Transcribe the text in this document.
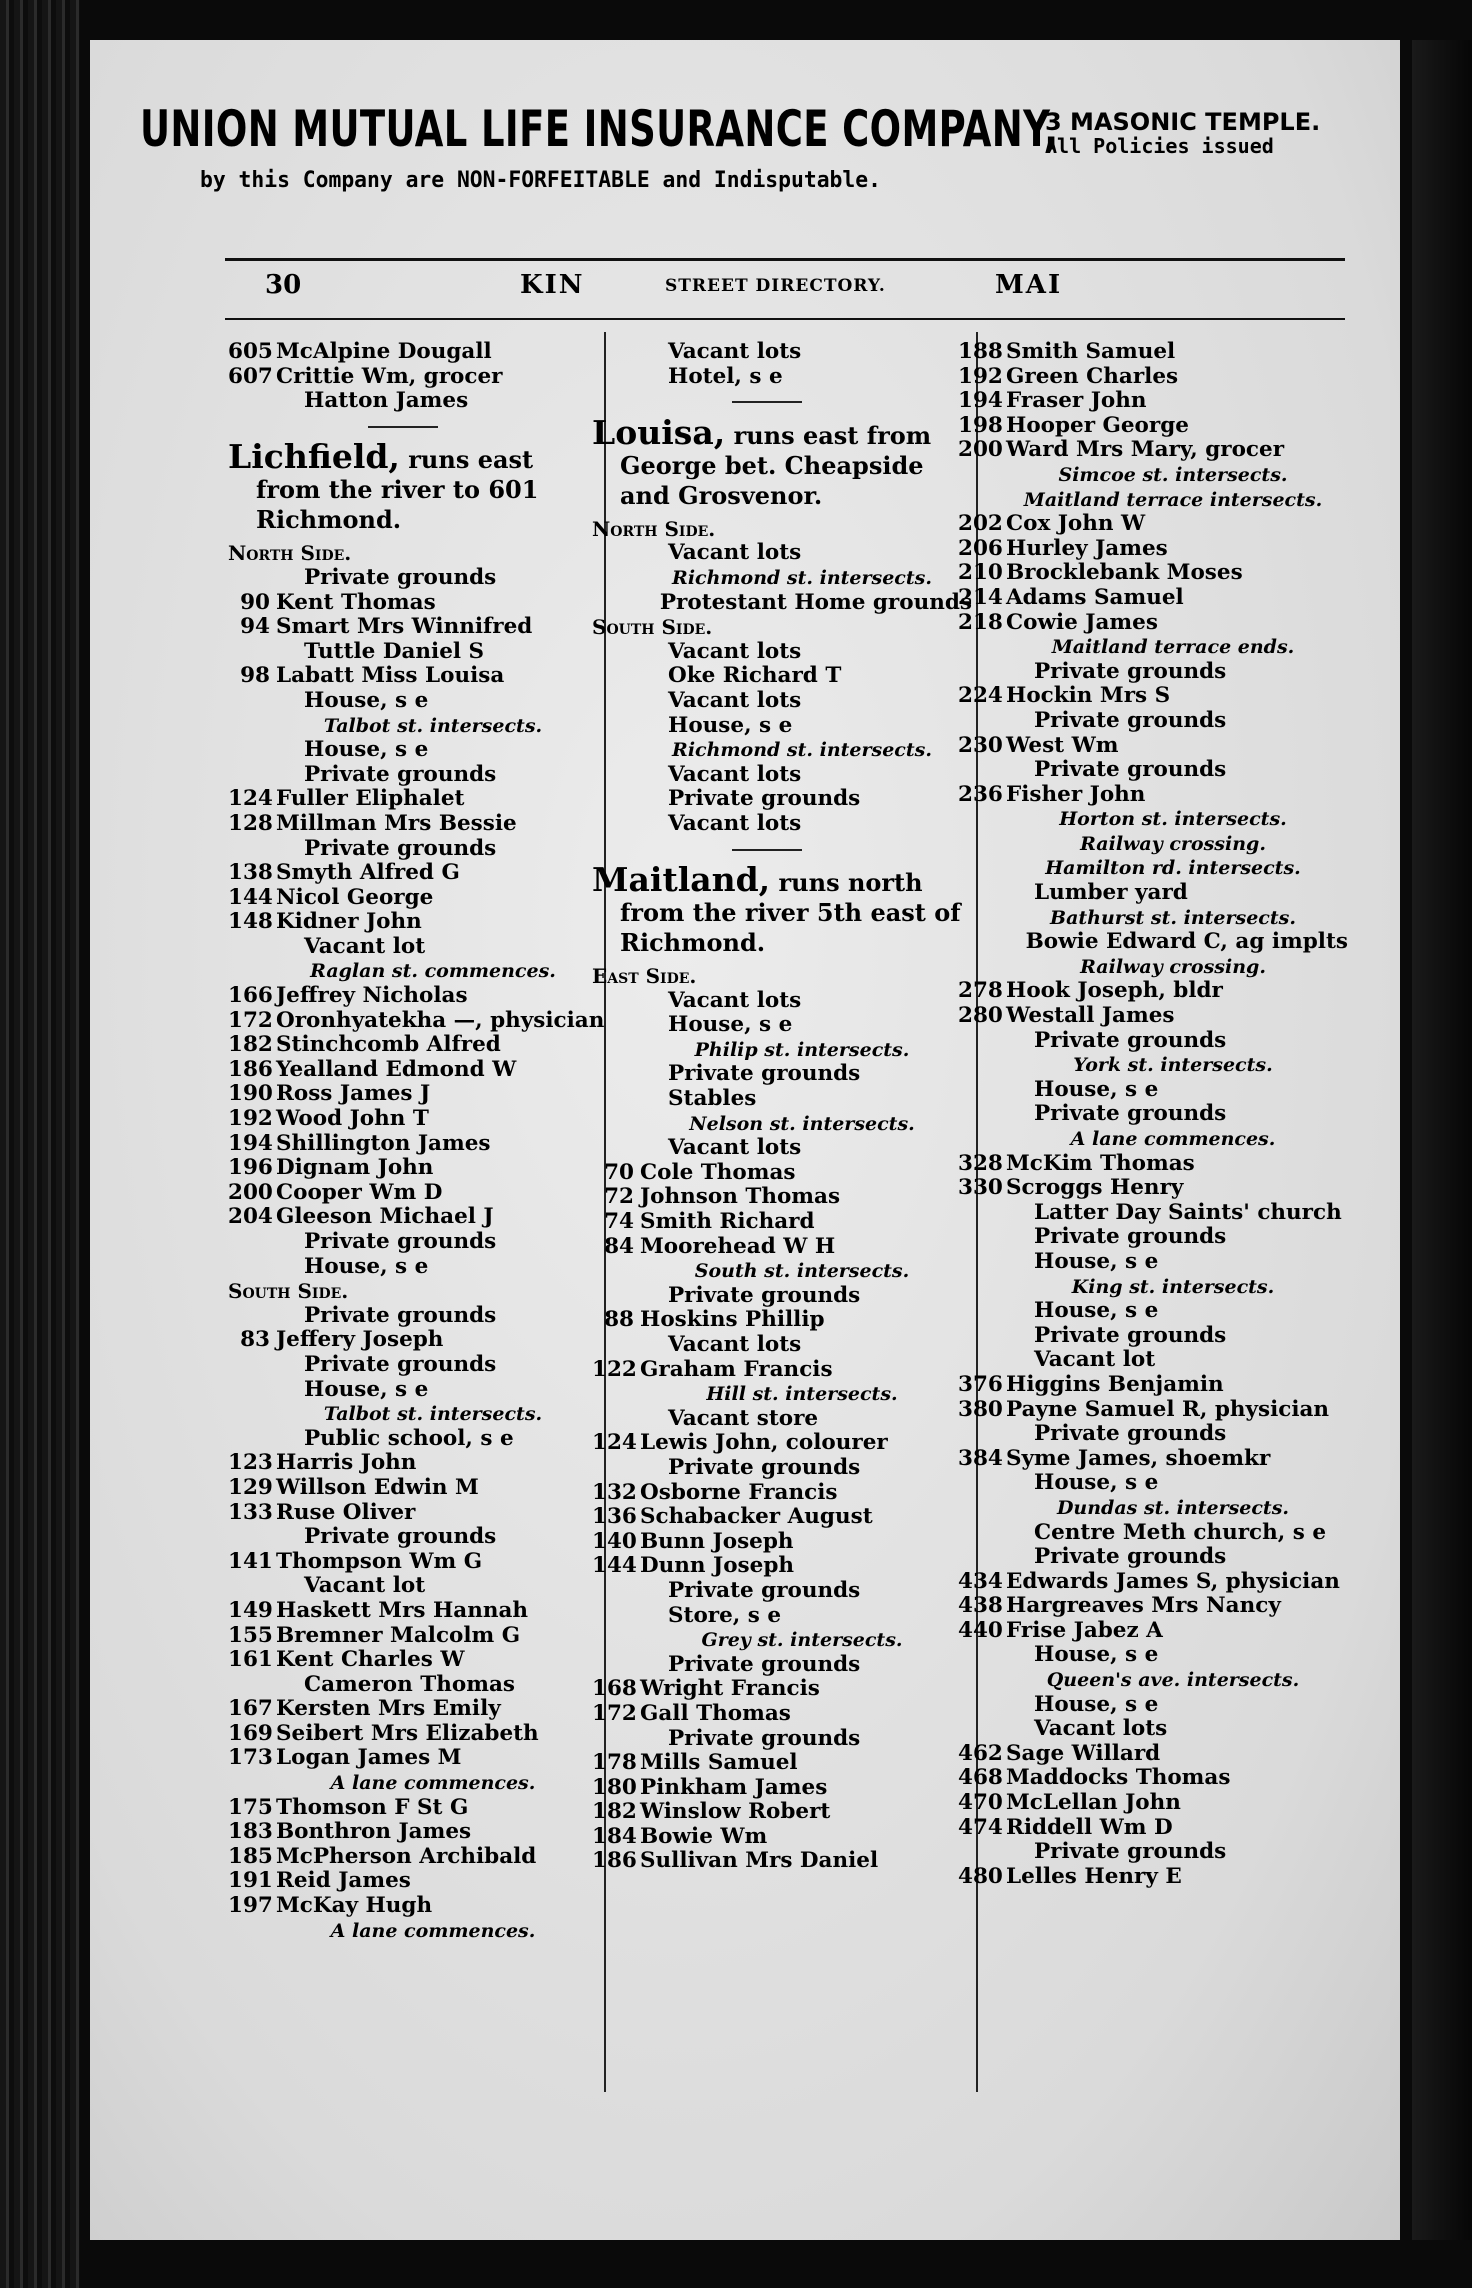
UNION MUTUAL LIFE INSURANCE COMPANY,
3 MASONIC TEMPLE.
All Policies issued
by this Company are NON-FORFEITABLE and Indisputable.
30	KIN	STREET DIRECTORY.	MAI
605 McAlpine Dougall
607 Crittie Wm, grocer
Hatton James
Lichfield, runs east from the river to 601 Richmond.
North Side.
Private grounds
90 Kent Thomas
94 Smart Mrs Winnifred
Tuttle Daniel S
98 Labatt Miss Louisa
House, s e
Talbot st. intersects.
House, s e
Private grounds
124 Fuller Eliphalet
128 Millman Mrs Bessie
Private grounds
138 Smyth Alfred G
144 Nicol George
148 Kidner John
Vacant lot
Raglan st. commences.
166 Jeffrey Nicholas
172 Oronhyatekha —, physician
182 Stinchcomb Alfred
186 Yealland Edmond W
190 Ross James J
192 Wood John T
194 Shillington James
196 Dignam John
200 Cooper Wm D
204 Gleeson Michael J
Private grounds
House, s e
South Side.
Private grounds
83 Jeffery Joseph
Private grounds
House, s e
Talbot st. intersects.
Public school, s e
123 Harris John
129 Willson Edwin M
133 Ruse Oliver
Private grounds
141 Thompson Wm G
Vacant lot
149 Haskett Mrs Hannah
155 Bremner Malcolm G
161 Kent Charles W
Cameron Thomas
167 Kersten Mrs Emily
169 Seibert Mrs Elizabeth
173 Logan James M
A lane commences.
175 Thomson F St G
183 Bonthron James
185 McPherson Archibald
191 Reid James
197 McKay Hugh
A lane commences.
Vacant lots
Hotel, s e
Louisa, runs east from George bet. Cheapside and Grosvenor.
North Side.
Vacant lots
Richmond st. intersects.
Protestant Home grounds
South Side.
Vacant lots
Oke Richard T
Vacant lots
House, s e
Richmond st. intersects.
Vacant lots
Private grounds
Vacant lots
Maitland, runs north from the river 5th east of Richmond.
East Side.
Vacant lots
House, s e
Philip st. intersects.
Private grounds
Stables
Nelson st. intersects.
Vacant lots
70 Cole Thomas
72 Johnson Thomas
74 Smith Richard
84 Moorehead W H
South st. intersects.
Private grounds
88 Hoskins Phillip
Vacant lots
122 Graham Francis
Hill st. intersects.
Vacant store
124 Lewis John, colourer
Private grounds
132 Osborne Francis
136 Schabacker August
140 Bunn Joseph
144 Dunn Joseph
Private grounds
Store, s e
Grey st. intersects.
Private grounds
168 Wright Francis
172 Gall Thomas
Private grounds
178 Mills Samuel
180 Pinkham James
182 Winslow Robert
184 Bowie Wm
186 Sullivan Mrs Daniel
188 Smith Samuel
192 Green Charles
194 Fraser John
198 Hooper George
200 Ward Mrs Mary, grocer
Simcoe st. intersects.
Maitland terrace intersects.
202 Cox John W
206 Hurley James
210 Brocklebank Moses
214 Adams Samuel
218 Cowie James
Maitland terrace ends.
Private grounds
224 Hockin Mrs S
Private grounds
230 West Wm
Private grounds
236 Fisher John
Horton st. intersects.
Railway crossing.
Hamilton rd. intersects.
Lumber yard
Bathurst st. intersects.
Bowie Edward C, ag implts
Railway crossing.
278 Hook Joseph, bldr
280 Westall James
Private grounds
York st. intersects.
House, s e
Private grounds
A lane commences.
328 McKim Thomas
330 Scroggs Henry
Latter Day Saints' church
Private grounds
House, s e
King st. intersects.
House, s e
Private grounds
Vacant lot
376 Higgins Benjamin
380 Payne Samuel R, physician
Private grounds
384 Syme James, shoemkr
House, s e
Dundas st. intersects.
Centre Meth church, s e
Private grounds
434 Edwards James S, physician
438 Hargreaves Mrs Nancy
440 Frise Jabez A
House, s e
Queen's ave. intersects.
House, s e
Vacant lots
462 Sage Willard
468 Maddocks Thomas
470 McLellan John
474 Riddell Wm D
Private grounds
480 Lelles Henry E
